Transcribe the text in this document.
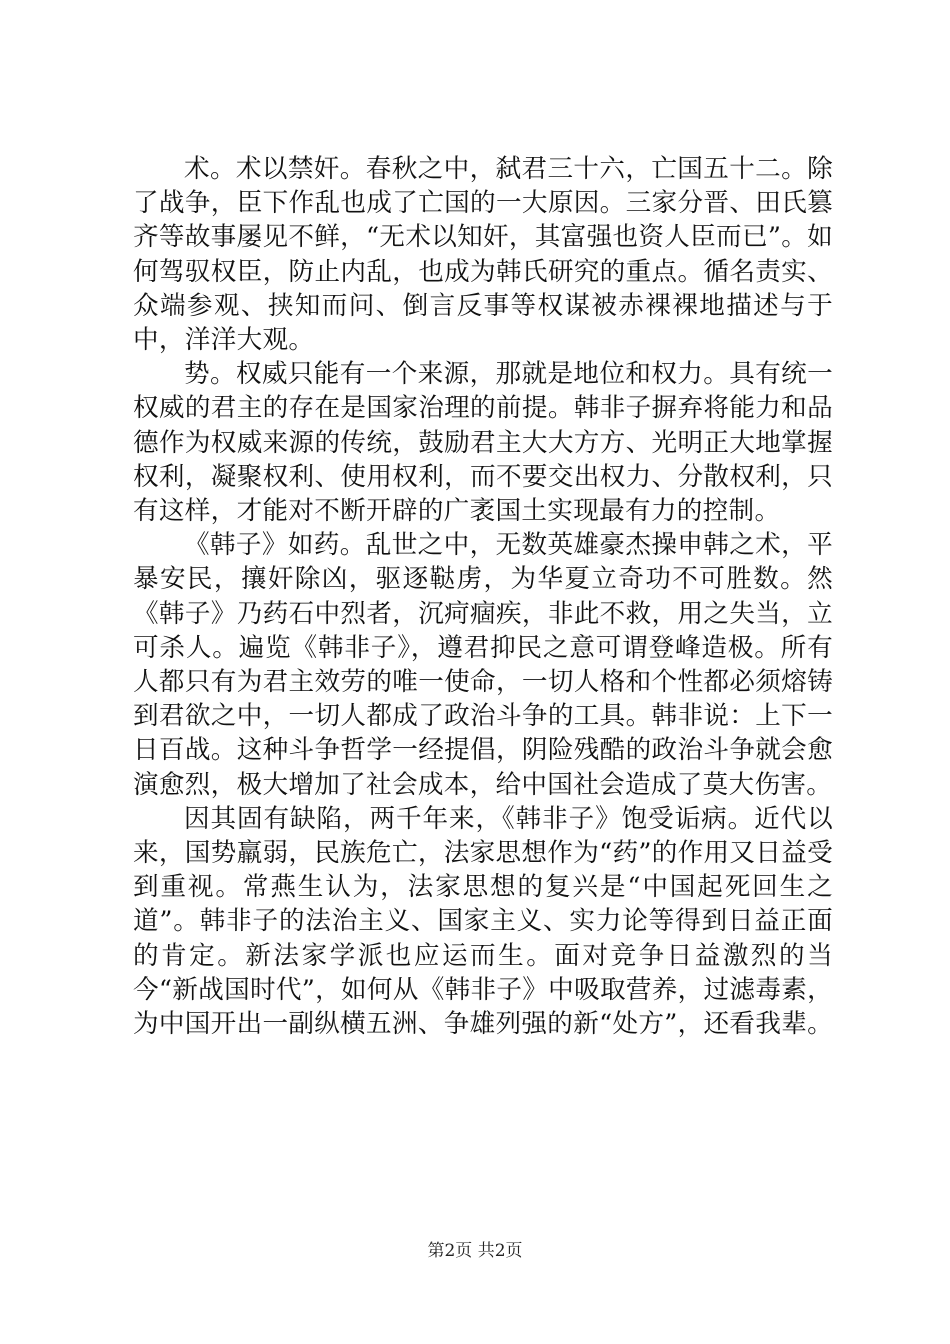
术。术以禁奸。春秋之中，弑君三十六，亡国五十二。除了战争，臣下作乱也成了亡国的一大原因。三家分晋、田氏篡齐等故事屡见不鲜，“无术以知奸，其富强也资人臣而已”。如何驾驭权臣，防止内乱，也成为韩氏研究的重点。循名责实、众端参观、挟知而问、倒言反事等权谋被赤裸裸地描述与于中，洋洋大观。

势。权威只能有一个来源，那就是地位和权力。具有统一权威的君主的存在是国家治理的前提。韩非子摒弃将能力和品德作为权威来源的传统，鼓励君主大大方方、光明正大地掌握权利，凝聚权利、使用权利，而不要交出权力、分散权利，只有这样，才能对不断开辟的广袤国土实现最有力的控制。

《韩子》如药。乱世之中，无数英雄豪杰操申韩之术，平暴安民，攘奸除凶，驱逐鞑虏，为华夏立奇功不可胜数。然《韩子》乃药石中烈者，沉疴痼疾，非此不救，用之失当，立可杀人。遍览《韩非子》，遵君抑民之意可谓登峰造极。所有人都只有为君主效劳的唯一使命，一切人格和个性都必须熔铸到君欲之中，一切人都成了政治斗争的工具。韩非说：上下一日百战。这种斗争哲学一经提倡，阴险残酷的政治斗争就会愈演愈烈，极大增加了社会成本，给中国社会造成了莫大伤害。

因其固有缺陷，两千年来，《韩非子》饱受诟病。近代以来，国势羸弱，民族危亡，法家思想作为“药”的作用又日益受到重视。常燕生认为，法家思想的复兴是“中国起死回生之道”。韩非子的法治主义、国家主义、实力论等得到日益正面的肯定。新法家学派也应运而生。面对竞争日益激烈的当今“新战国时代”，如何从《韩非子》中吸取营养，过滤毒素，为中国开出一副纵横五洲、争雄列强的新“处方”，还看我辈。

第2页 共2页
